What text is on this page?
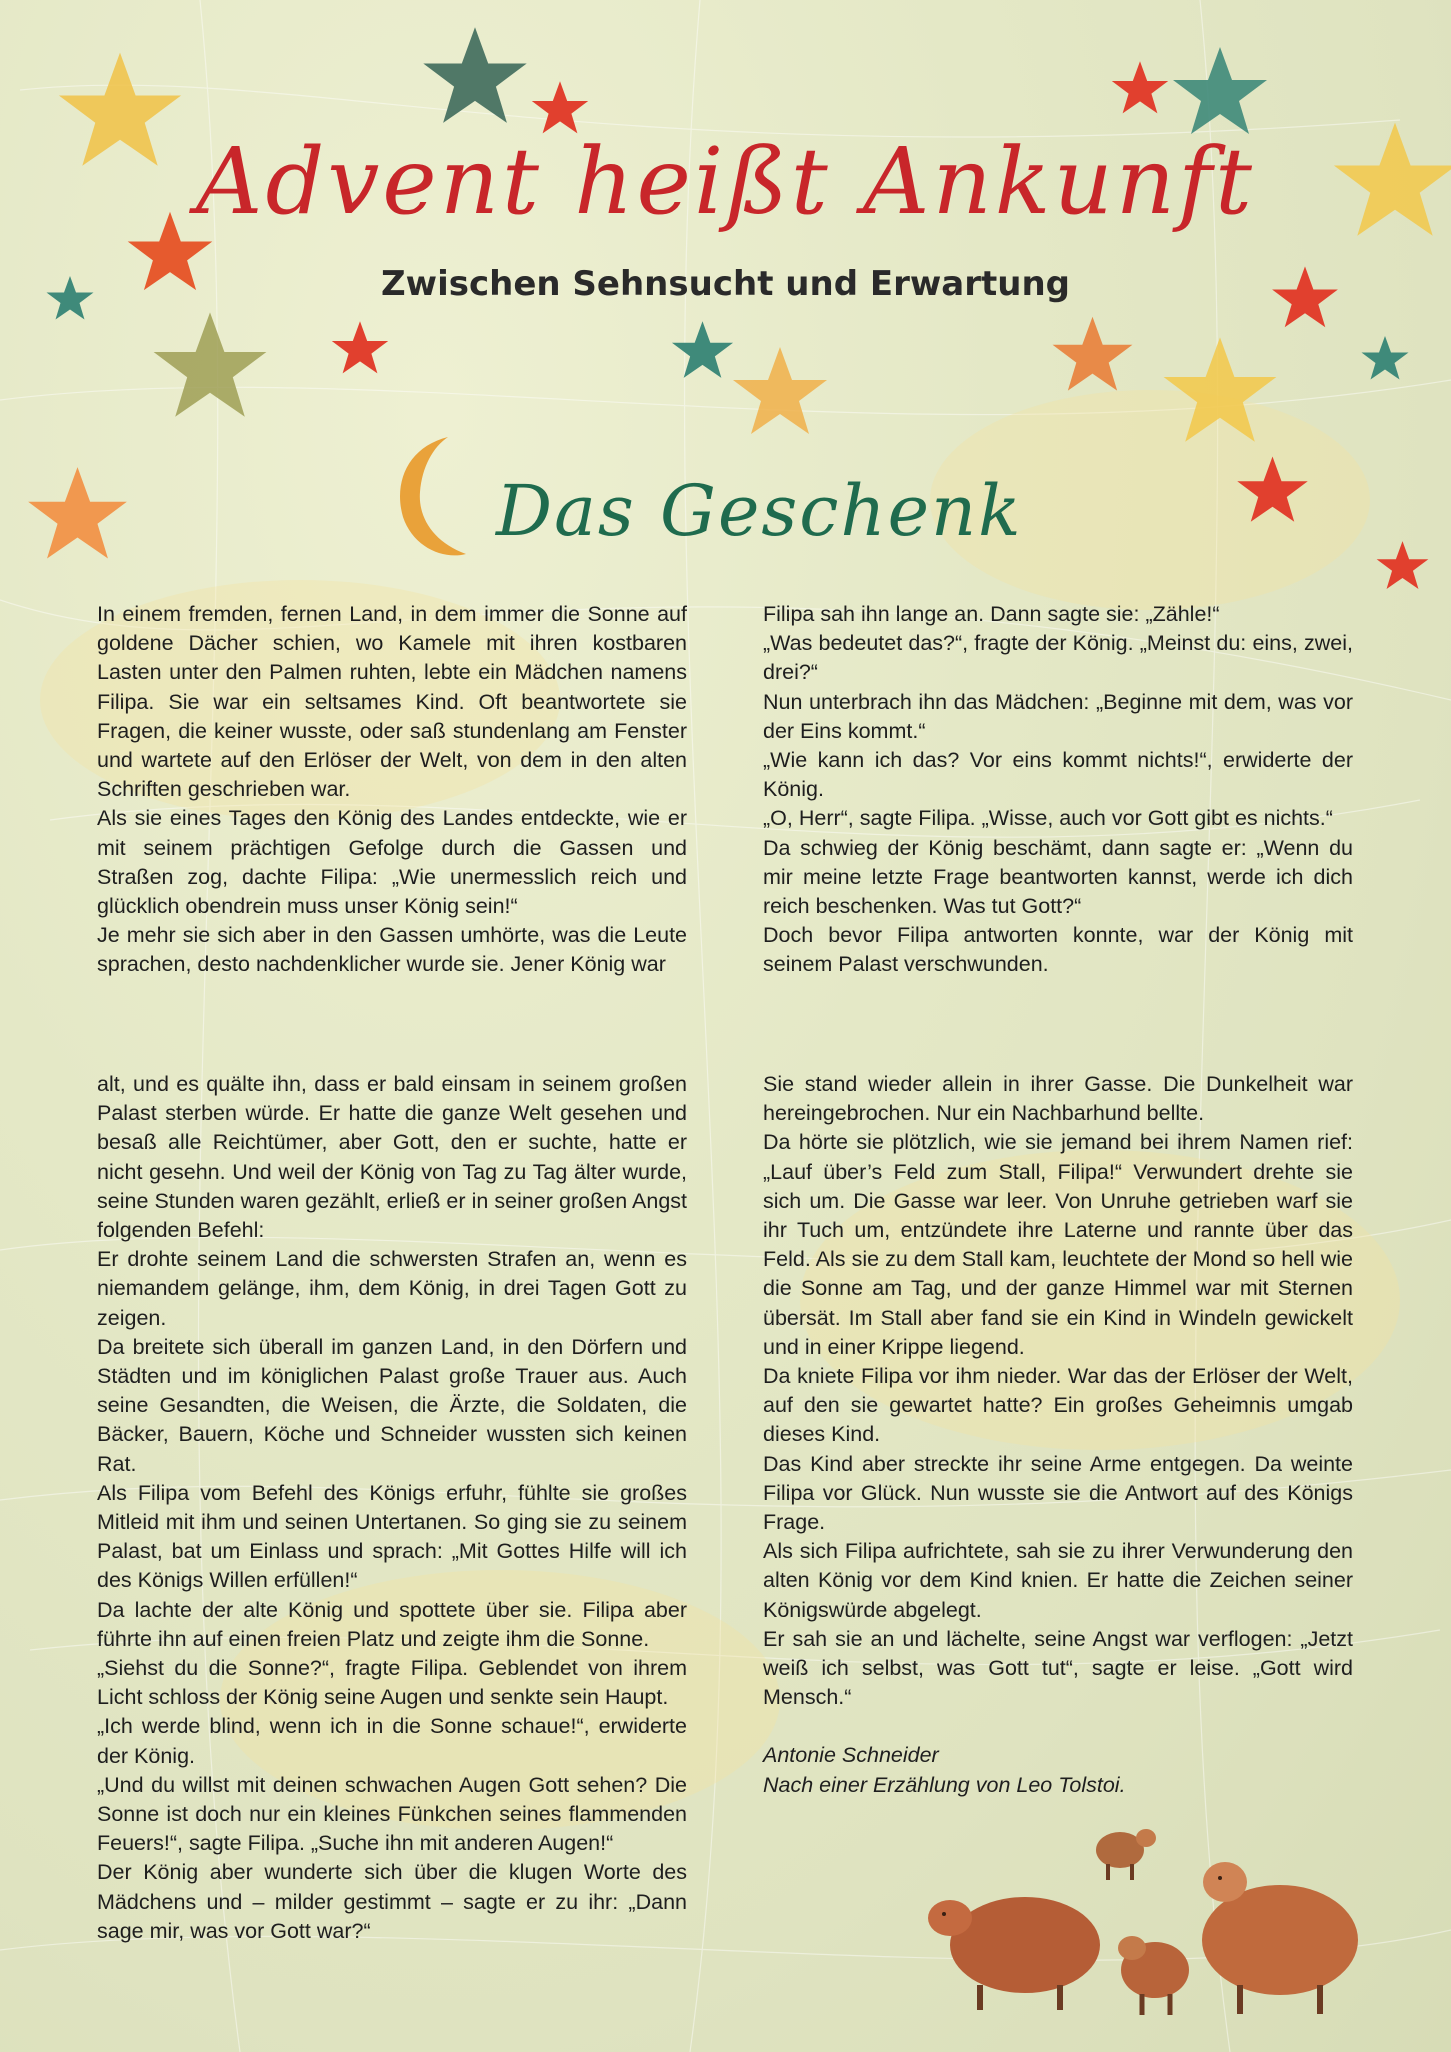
Advent heißt Ankunft
Zwischen Sehnsucht und Erwartung
Das Geschenk

In einem fremden, fernen Land, in dem immer die Sonne auf goldene Dächer schien, wo Kamele mit ihren kostbaren Lasten unter den Palmen ruhten, lebte ein Mädchen namens Filipa. Sie war ein seltsames Kind. Oft beantwortete sie Fragen, die keiner wusste, oder saß stundenlang am Fenster und wartete auf den Erlöser der Welt, von dem in den alten Schriften geschrieben war.

Als sie eines Tages den König des Landes entdeckte, wie er mit seinem prächtigen Gefolge durch die Gassen und Straßen zog, dachte Filipa: „Wie unermesslich reich und glücklich obendrein muss unser König sein!“

Je mehr sie sich aber in den Gassen umhörte, was die Leute sprachen, desto nachdenklicher wurde sie. Jener König war

Filipa sah ihn lange an. Dann sagte sie: „Zähle!“

„Was bedeutet das?“, fragte der König. „Meinst du: eins, zwei, drei?“

Nun unterbrach ihn das Mädchen: „Beginne mit dem, was vor der Eins kommt.“

„Wie kann ich das? Vor eins kommt nichts!“, erwiderte der König.

„O, Herr“, sagte Filipa. „Wisse, auch vor Gott gibt es nichts.“

Da schwieg der König beschämt, dann sagte er: „Wenn du mir meine letzte Frage beantworten kannst, werde ich dich reich beschenken. Was tut Gott?“

Doch bevor Filipa antworten konnte, war der König mit seinem Palast verschwunden.

alt, und es quälte ihn, dass er bald einsam in seinem großen Palast sterben würde. Er hatte die ganze Welt gesehen und besaß alle Reichtümer, aber Gott, den er suchte, hatte er nicht gesehn. Und weil der König von Tag zu Tag älter wurde, seine Stunden waren gezählt, erließ er in seiner großen Angst folgenden Befehl:

Er drohte seinem Land die schwersten Strafen an, wenn es niemandem gelänge, ihm, dem König, in drei Tagen Gott zu zeigen.

Da breitete sich überall im ganzen Land, in den Dörfern und Städten und im königlichen Palast große Trauer aus. Auch seine Gesandten, die Weisen, die Ärzte, die Soldaten, die Bäcker, Bauern, Köche und Schneider wussten sich keinen Rat.

Als Filipa vom Befehl des Königs erfuhr, fühlte sie großes Mitleid mit ihm und seinen Untertanen. So ging sie zu seinem Palast, bat um Einlass und sprach: „Mit Gottes Hilfe will ich des Königs Willen erfüllen!“

Da lachte der alte König und spottete über sie. Filipa aber führte ihn auf einen freien Platz und zeigte ihm die Sonne.

„Siehst du die Sonne?“, fragte Filipa. Geblendet von ihrem Licht schloss der König seine Augen und senkte sein Haupt.

„Ich werde blind, wenn ich in die Sonne schaue!“, erwiderte der König.

„Und du willst mit deinen schwachen Augen Gott sehen? Die Sonne ist doch nur ein kleines Fünkchen seines flammenden Feuers!“, sagte Filipa. „Suche ihn mit anderen Augen!“

Der König aber wunderte sich über die klugen Worte des Mädchens und – milder gestimmt – sagte er zu ihr: „Dann sage mir, was vor Gott war?“

Sie stand wieder allein in ihrer Gasse. Die Dunkelheit war hereingebrochen. Nur ein Nachbarhund bellte.

Da hörte sie plötzlich, wie sie jemand bei ihrem Namen rief: „Lauf über’s Feld zum Stall, Filipa!“ Verwundert drehte sie sich um. Die Gasse war leer. Von Unruhe getrieben warf sie ihr Tuch um, entzündete ihre Laterne und rannte über das Feld. Als sie zu dem Stall kam, leuchtete der Mond so hell wie die Sonne am Tag, und der ganze Himmel war mit Sternen übersät. Im Stall aber fand sie ein Kind in Windeln gewickelt und in einer Krippe liegend.

Da kniete Filipa vor ihm nieder. War das der Erlöser der Welt, auf den sie gewartet hatte? Ein großes Geheimnis umgab dieses Kind.

Das Kind aber streckte ihr seine Arme entgegen. Da weinte Filipa vor Glück. Nun wusste sie die Antwort auf des Königs Frage.

Als sich Filipa aufrichtete, sah sie zu ihrer Verwunderung den alten König vor dem Kind knien. Er hatte die Zeichen seiner Königswürde abgelegt.

Er sah sie an und lächelte, seine Angst war verflogen: „Jetzt weiß ich selbst, was Gott tut“, sagte er leise. „Gott wird Mensch.“

Antonie Schneider
Nach einer Erzählung von Leo Tolstoi.
